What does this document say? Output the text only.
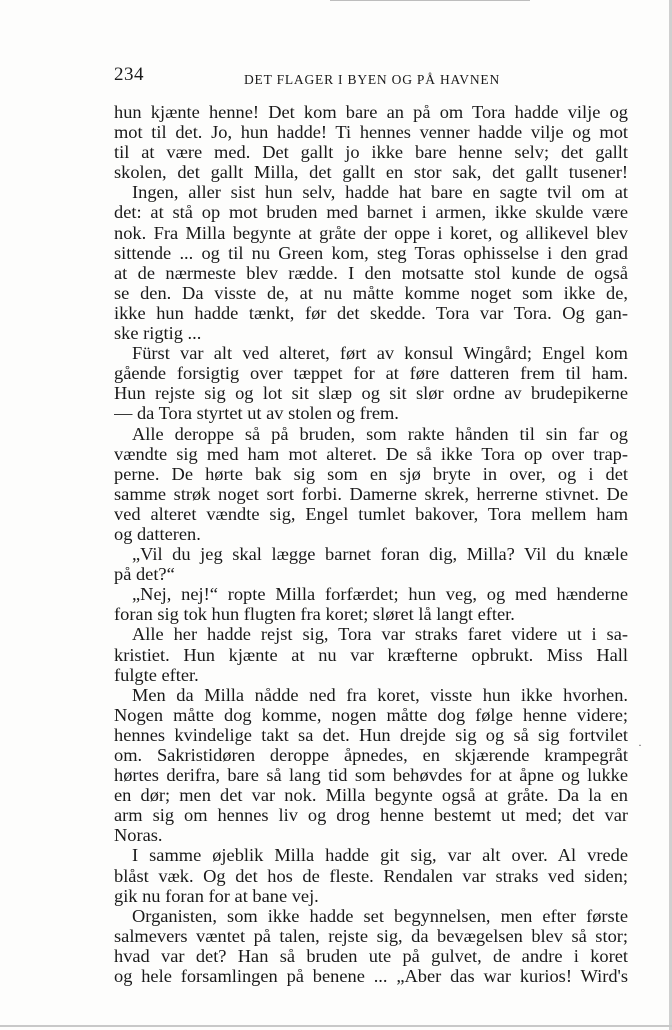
234	DET FLAGER I BYEN OG PÅ HAVNEN
hun kjænte henne! Det kom bare an på om Tora hadde vilje og
mot til det. Jo, hun hadde! Ti hennes venner hadde vilje og mot
til at være med. Det gallt jo ikke bare henne selv; det gallt
skolen, det gallt Milla, det gallt en stor sak, det gallt tusener!
Ingen, aller sist hun selv, hadde hat bare en sagte tvil om at
det: at stå op mot bruden med barnet i armen, ikke skulde være
nok. Fra Milla begynte at gråte der oppe i koret, og allikevel blev
sittende ... og til nu Green kom, steg Toras ophisselse i den grad
at de nærmeste blev rædde. I den motsatte stol kunde de også
se den. Da visste de, at nu måtte komme noget som ikke de,
ikke hun hadde tænkt, før det skedde. Tora var Tora. Og gan-
ske rigtig ...
Fürst var alt ved alteret, ført av konsul Wingård; Engel kom
gående forsigtig over tæppet for at føre datteren frem til ham.
Hun rejste sig og lot sit slæp og sit slør ordne av brudepikerne
— da Tora styrtet ut av stolen og frem.
Alle deroppe så på bruden, som rakte hånden til sin far og
vændte sig med ham mot alteret. De så ikke Tora op over trap-
perne. De hørte bak sig som en sjø bryte in over, og i det
samme strøk noget sort forbi. Damerne skrek, herrerne stivnet. De
ved alteret vændte sig, Engel tumlet bakover, Tora mellem ham
og datteren.
„Vil du jeg skal lægge barnet foran dig, Milla? Vil du knæle
på det?“
„Nej, nej!“ ropte Milla forfærdet; hun veg, og med hænderne
foran sig tok hun flugten fra koret; sløret lå langt efter.
Alle her hadde rejst sig, Tora var straks faret videre ut i sa-
kristiet. Hun kjænte at nu var kræfterne opbrukt. Miss Hall
fulgte efter.
Men da Milla nådde ned fra koret, visste hun ikke hvorhen.
Nogen måtte dog komme, nogen måtte dog følge henne videre;
hennes kvindelige takt sa det. Hun drejde sig og så sig fortvilet
om. Sakristidøren deroppe åpnedes, en skjærende krampegråt
hørtes derifra, bare så lang tid som behøvdes for at åpne og lukke
en dør; men det var nok. Milla begynte også at gråte. Da la en
arm sig om hennes liv og drog henne bestemt ut med; det var
Noras.
I samme øjeblik Milla hadde git sig, var alt over. Al vrede
blåst væk. Og det hos de fleste. Rendalen var straks ved siden;
gik nu foran for at bane vej.
Organisten, som ikke hadde set begynnelsen, men efter første
salmevers væntet på talen, rejste sig, da bevægelsen blev så stor;
hvad var det? Han så bruden ute på gulvet, de andre i koret
og hele forsamlingen på benene ... „Aber das war kurios! Wird's
·
